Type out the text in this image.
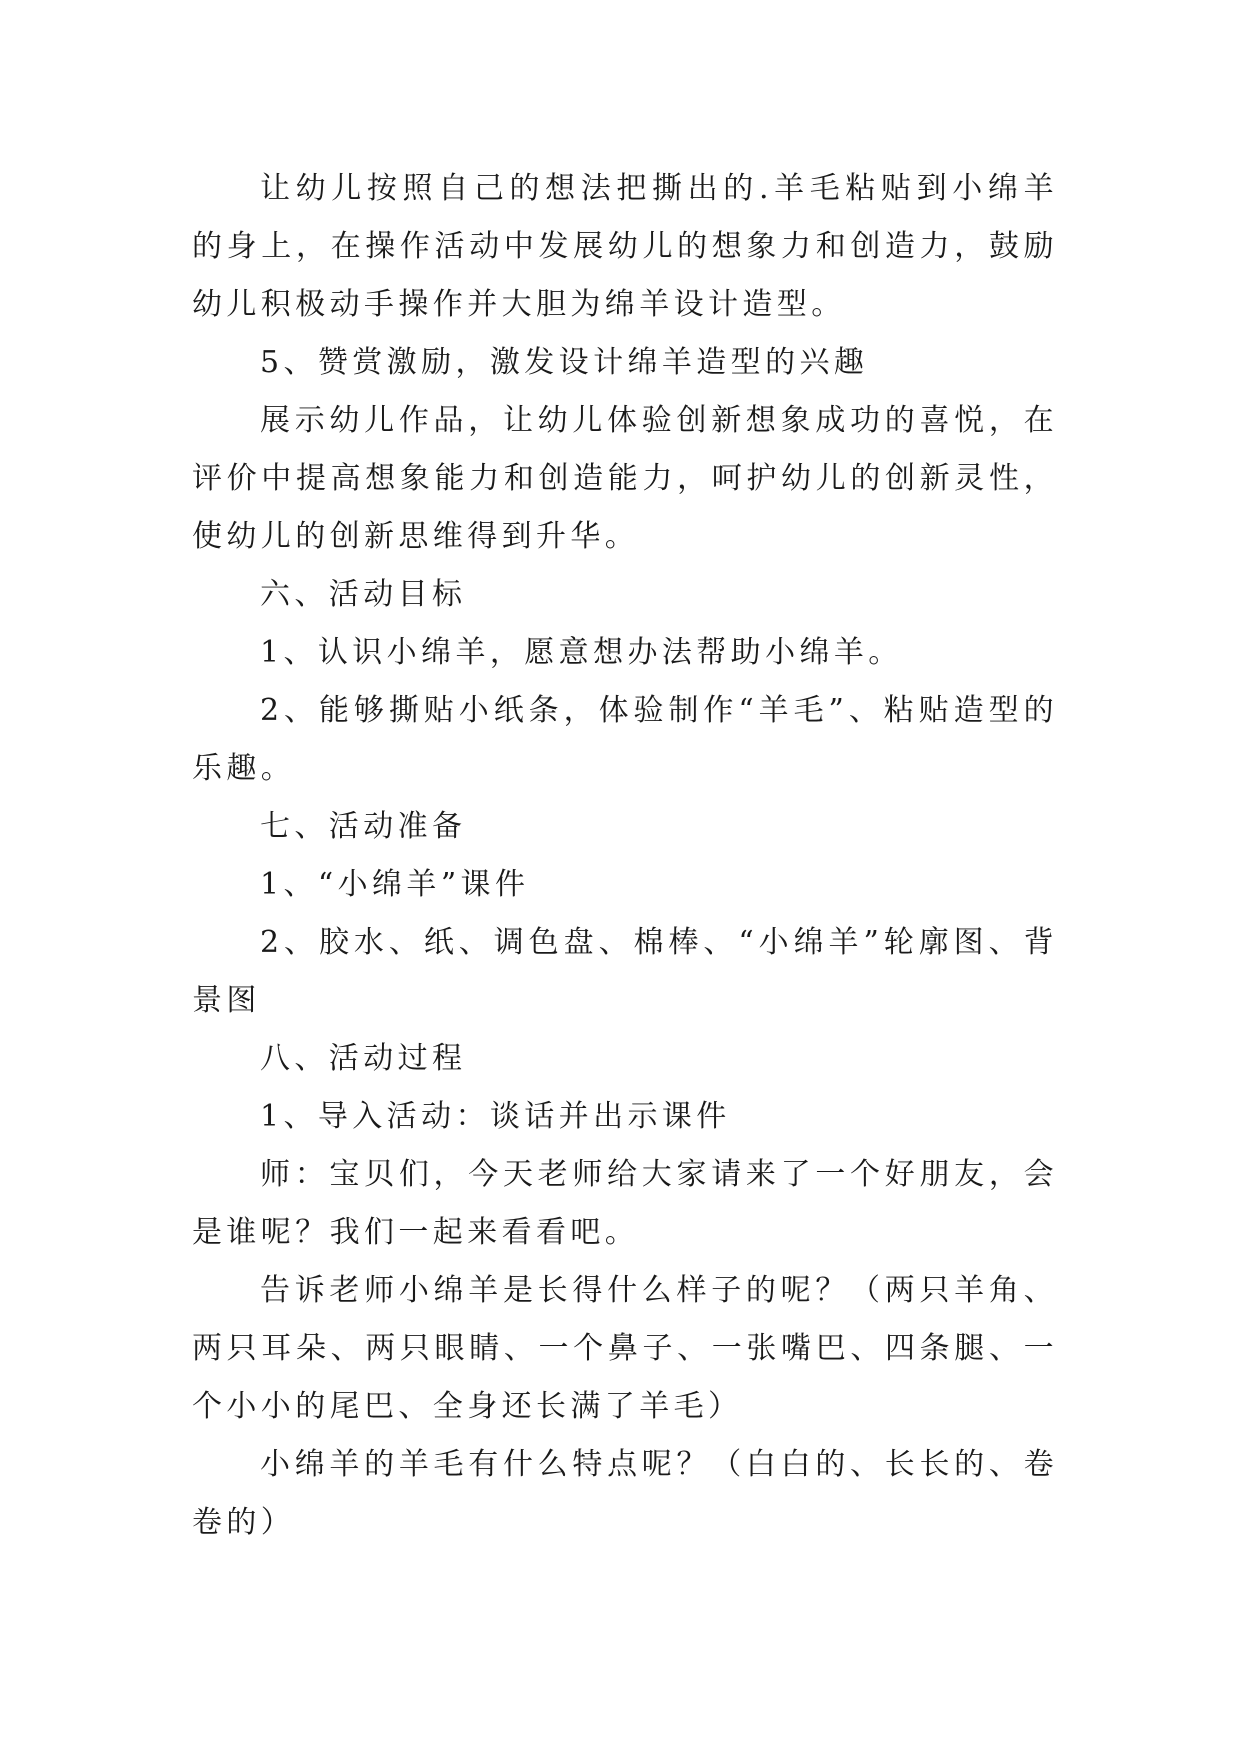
让幼儿按照自己的想法把撕出的.羊毛粘贴到小绵羊的身上，在操作活动中发展幼儿的想象力和创造力，鼓励幼儿积极动手操作并大胆为绵羊设计造型。

5、赞赏激励，激发设计绵羊造型的兴趣

展示幼儿作品，让幼儿体验创新想象成功的喜悦，在评价中提高想象能力和创造能力，呵护幼儿的创新灵性，使幼儿的创新思维得到升华。

六、活动目标

1、认识小绵羊，愿意想办法帮助小绵羊。

2、能够撕贴小纸条，体验制作“羊毛”、粘贴造型的乐趣。

七、活动准备

1、“小绵羊”课件

2、胶水、纸、调色盘、棉棒、“小绵羊”轮廓图、背景图

八、活动过程

1、导入活动：谈话并出示课件

师：宝贝们，今天老师给大家请来了一个好朋友，会是谁呢？我们一起来看看吧。

告诉老师小绵羊是长得什么样子的呢？（两只羊角、两只耳朵、两只眼睛、一个鼻子、一张嘴巴、四条腿、一个小小的尾巴、全身还长满了羊毛）

小绵羊的羊毛有什么特点呢？（白白的、长长的、卷卷的）
